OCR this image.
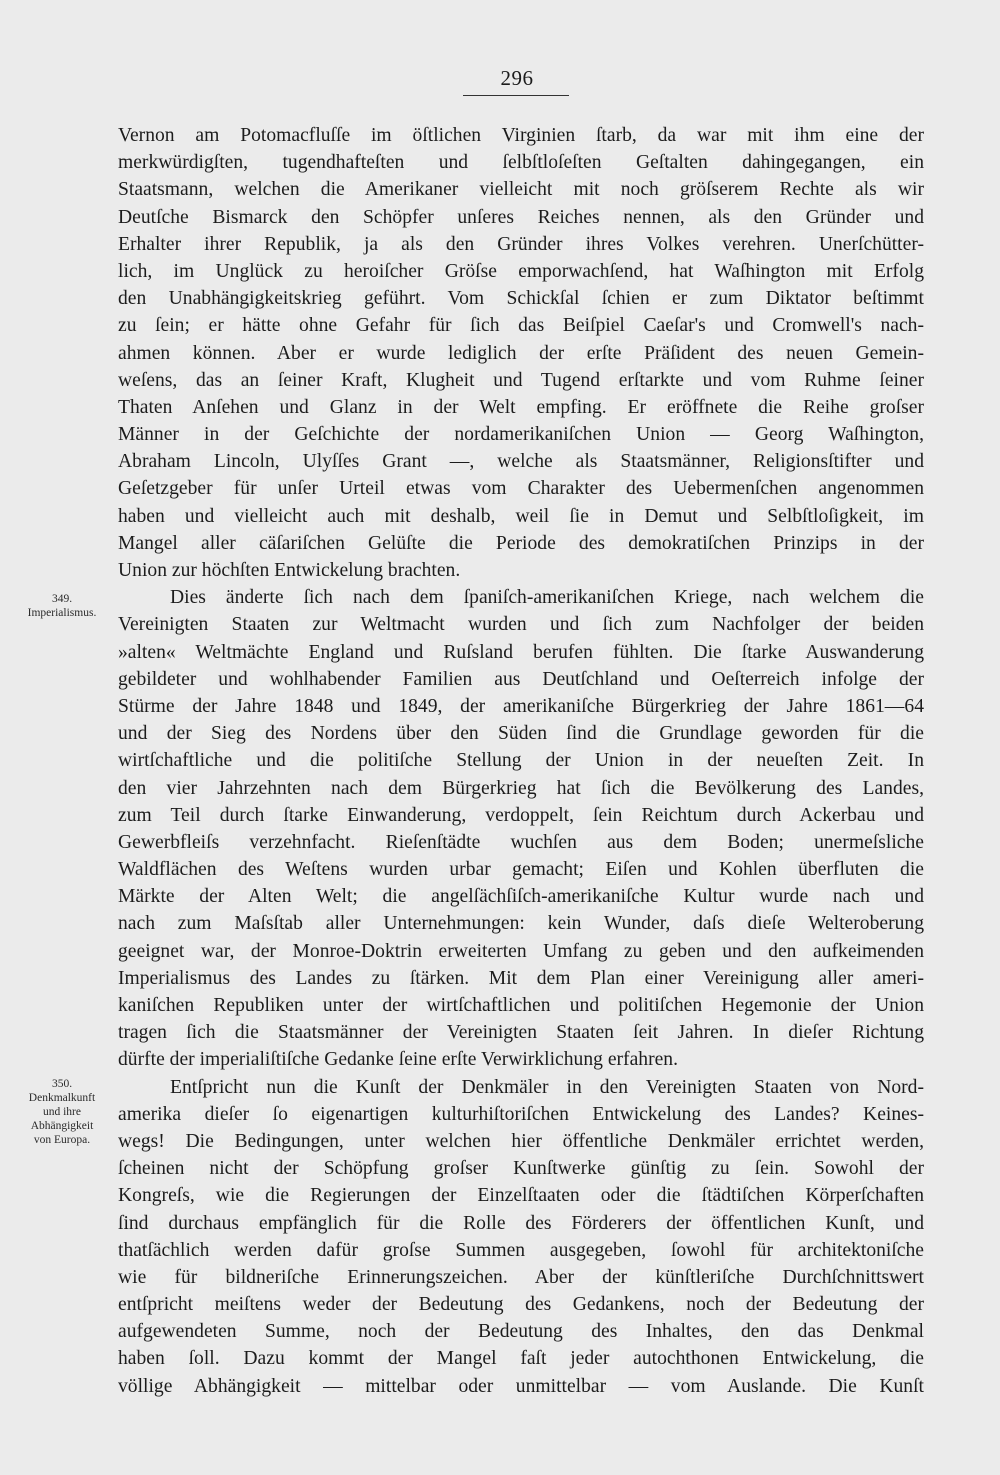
296
349.
Imperialismus.
350.
Denkmalkunft
und ihre
Abhängigkeit
von Europa.
Vernon am Potomacfluſſe im öſtlichen Virginien ſtarb, da war mit ihm eine der
merkwürdigſten, tugendhafteſten und ſelbſtloſeſten Geſtalten dahingegangen, ein
Staatsmann, welchen die Amerikaner vielleicht mit noch gröſserem Rechte als wir
Deutſche Bismarck den Schöpfer unſeres Reiches nennen, als den Gründer und
Erhalter ihrer Republik, ja als den Gründer ihres Volkes verehren. Unerſchütter-
lich, im Unglück zu heroiſcher Gröſse emporwachſend, hat Waſhington mit Erfolg
den Unabhängigkeitskrieg geführt. Vom Schickſal ſchien er zum Diktator beſtimmt
zu ſein; er hätte ohne Gefahr für ſich das Beiſpiel Caeſar's und Cromwell's nach-
ahmen können. Aber er wurde lediglich der erſte Präſident des neuen Gemein-
weſens, das an ſeiner Kraft, Klugheit und Tugend erſtarkte und vom Ruhme ſeiner
Thaten Anſehen und Glanz in der Welt empfing. Er eröffnete die Reihe groſser
Männer in der Geſchichte der nordamerikaniſchen Union — Georg Waſhington,
Abraham Lincoln, Ulyſſes Grant —, welche als Staatsmänner, Religionsſtifter und
Geſetzgeber für unſer Urteil etwas vom Charakter des Uebermenſchen angenommen
haben und vielleicht auch mit deshalb, weil ſie in Demut und Selbſtloſigkeit, im
Mangel aller cäſariſchen Gelüſte die Periode des demokratiſchen Prinzips in der
Union zur höchſten Entwickelung brachten.
Dies änderte ſich nach dem ſpaniſch-amerikaniſchen Kriege, nach welchem die
Vereinigten Staaten zur Weltmacht wurden und ſich zum Nachfolger der beiden
»alten« Weltmächte England und Ruſsland berufen fühlten. Die ſtarke Auswanderung
gebildeter und wohlhabender Familien aus Deutſchland und Oeſterreich infolge der
Stürme der Jahre 1848 und 1849, der amerikaniſche Bürgerkrieg der Jahre 1861—64
und der Sieg des Nordens über den Süden ſind die Grundlage geworden für die
wirtſchaftliche und die politiſche Stellung der Union in der neueſten Zeit. In
den vier Jahrzehnten nach dem Bürgerkrieg hat ſich die Bevölkerung des Landes,
zum Teil durch ſtarke Einwanderung, verdoppelt, ſein Reichtum durch Ackerbau und
Gewerbfleiſs verzehnfacht. Rieſenſtädte wuchſen aus dem Boden; unermeſsliche
Waldflächen des Weſtens wurden urbar gemacht; Eiſen und Kohlen überfluten die
Märkte der Alten Welt; die angelſächſiſch-amerikaniſche Kultur wurde nach und
nach zum Maſsſtab aller Unternehmungen: kein Wunder, daſs dieſe Welteroberung
geeignet war, der Monroe-Doktrin erweiterten Umfang zu geben und den aufkeimenden
Imperialismus des Landes zu ſtärken. Mit dem Plan einer Vereinigung aller ameri-
kaniſchen Republiken unter der wirtſchaftlichen und politiſchen Hegemonie der Union
tragen ſich die Staatsmänner der Vereinigten Staaten ſeit Jahren. In dieſer Richtung
dürfte der imperialiſtiſche Gedanke ſeine erſte Verwirklichung erfahren.
Entſpricht nun die Kunſt der Denkmäler in den Vereinigten Staaten von Nord-
amerika dieſer ſo eigenartigen kulturhiſtoriſchen Entwickelung des Landes? Keines-
wegs! Die Bedingungen, unter welchen hier öffentliche Denkmäler errichtet werden,
ſcheinen nicht der Schöpfung groſser Kunſtwerke günſtig zu ſein. Sowohl der
Kongreſs, wie die Regierungen der Einzelſtaaten oder die ſtädtiſchen Körperſchaften
ſind durchaus empfänglich für die Rolle des Förderers der öffentlichen Kunſt, und
thatſächlich werden dafür groſse Summen ausgegeben, ſowohl für architektoniſche
wie für bildneriſche Erinnerungszeichen. Aber der künſtleriſche Durchſchnittswert
entſpricht meiſtens weder der Bedeutung des Gedankens, noch der Bedeutung der
aufgewendeten Summe, noch der Bedeutung des Inhaltes, den das Denkmal
haben ſoll. Dazu kommt der Mangel faſt jeder autochthonen Entwickelung, die
völlige Abhängigkeit — mittelbar oder unmittelbar — vom Auslande. Die Kunſt
